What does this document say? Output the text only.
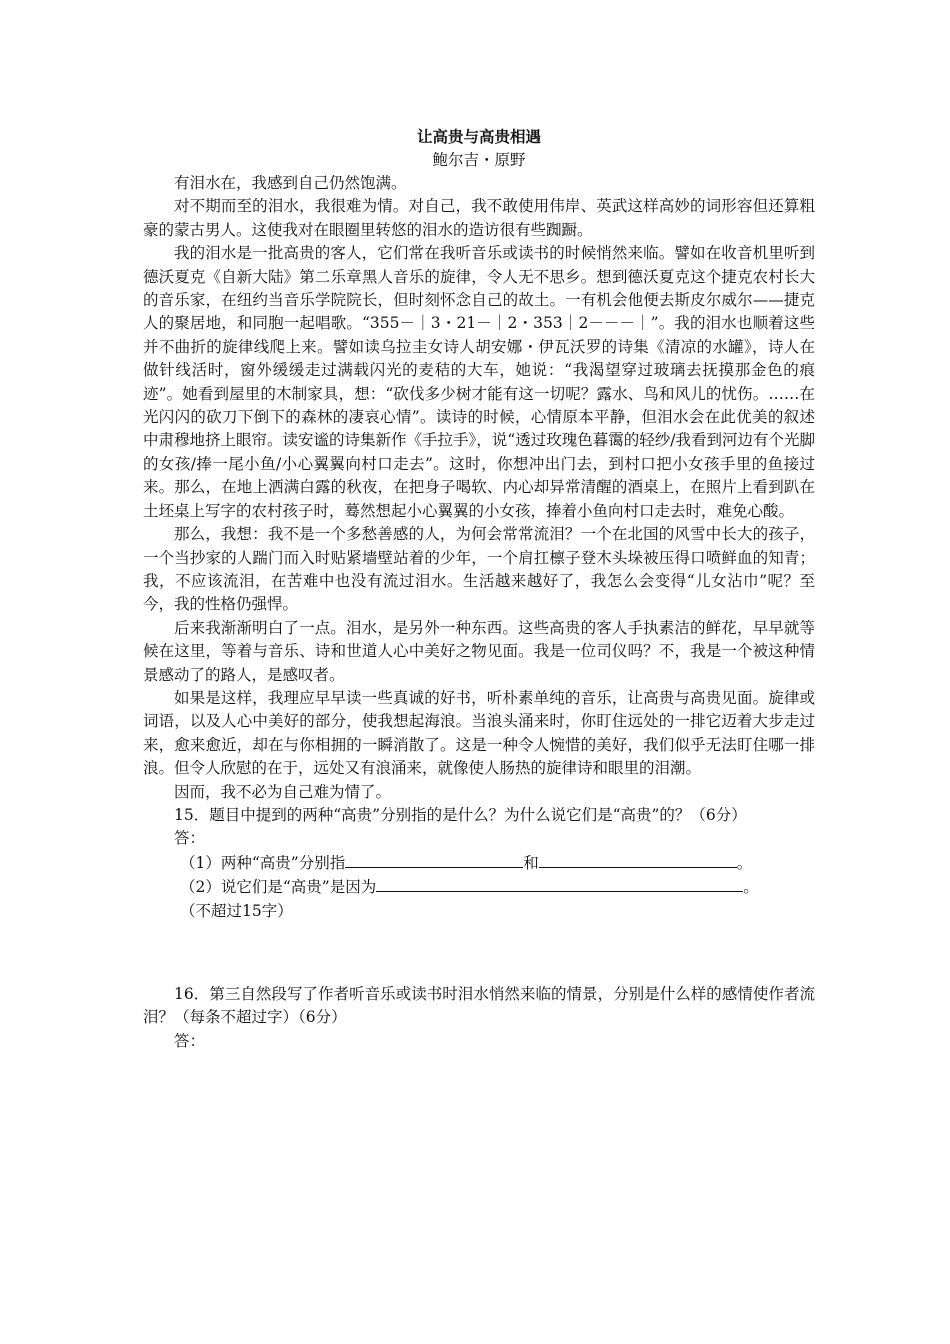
让高贵与高贵相遇

鲍尔吉・原野

有泪水在，我感到自己仍然饱满。

对不期而至的泪水，我很难为情。对自己，我不敢使用伟岸、英武这样高妙的词形容但还算粗豪的蒙古男人。这使我对在眼圈里转悠的泪水的造访很有些踟蹰。

我的泪水是一批高贵的客人，它们常在我听音乐或读书的时候悄然来临。譬如在收音机里听到德沃夏克《自新大陆》第二乐章黑人音乐的旋律，令人无不思乡。想到德沃夏克这个捷克农村长大的音乐家，在纽约当音乐学院院长，但时刻怀念自己的故土。一有机会他便去斯皮尔威尔——捷克人的聚居地，和同胞一起唱歌。“355－｜3・21－｜2・353｜2－－－｜”。我的泪水也顺着这些并不曲折的旋律线爬上来。譬如读乌拉圭女诗人胡安娜・伊瓦沃罗的诗集《清凉的水罐》，诗人在做针线活时，窗外缓缓走过满载闪光的麦秸的大车，她说：“我渴望穿过玻璃去抚摸那金色的痕迹”。她看到屋里的木制家具，想：“砍伐多少树才能有这一切呢？露水、鸟和风儿的忧伤。……在光闪闪的砍刀下倒下的森林的凄哀心情”。读诗的时候，心情原本平静，但泪水会在此优美的叙述中肃穆地挤上眼帘。读安谧的诗集新作《手拉手》，说“透过玫瑰色暮霭的轻纱/我看到河边有个光脚的女孩/捧一尾小鱼/小心翼翼向村口走去”。这时，你想冲出门去，到村口把小女孩手里的鱼接过来。那么，在地上洒满白露的秋夜，在把身子喝软、内心却异常清醒的酒桌上，在照片上看到趴在土坯桌上写字的农村孩子时，蓦然想起小心翼翼的小女孩，捧着小鱼向村口走去时，难免心酸。

那么，我想：我不是一个多愁善感的人，为何会常常流泪？一个在北国的风雪中长大的孩子，一个当抄家的人踹门而入时贴紧墙壁站着的少年，一个肩扛檩子登木头垛被压得口喷鲜血的知青；我，不应该流泪，在苦难中也没有流过泪水。生活越来越好了，我怎么会变得“儿女沾巾”呢？至今，我的性格仍强悍。

后来我渐渐明白了一点。泪水，是另外一种东西。这些高贵的客人手执素洁的鲜花，早早就等候在这里，等着与音乐、诗和世道人心中美好之物见面。我是一位司仪吗？不，我是一个被这种情景感动了的路人，是感叹者。

如果是这样，我理应早早读一些真诚的好书，听朴素单纯的音乐，让高贵与高贵见面。旋律或词语，以及人心中美好的部分，使我想起海浪。当浪头涌来时，你盯住远处的一排它迈着大步走过来，愈来愈近，却在与你相拥的一瞬消散了。这是一种令人惋惜的美好，我们似乎无法盯住哪一排浪。但令人欣慰的在于，远处又有浪涌来，就像使人肠热的旋律诗和眼里的泪潮。

因而，我不必为自己难为情了。

15．题目中提到的两种“高贵”分别指的是什么？为什么说它们是“高贵”的？（6分）

答：

（1）两种“高贵”分别指	和	。

（2）说它们是“高贵”是因为	。

（不超过15字）

16．第三自然段写了作者听音乐或读书时泪水悄然来临的情景，分别是什么样的感情使作者流泪？（每条不超过字）（6分）

答：
